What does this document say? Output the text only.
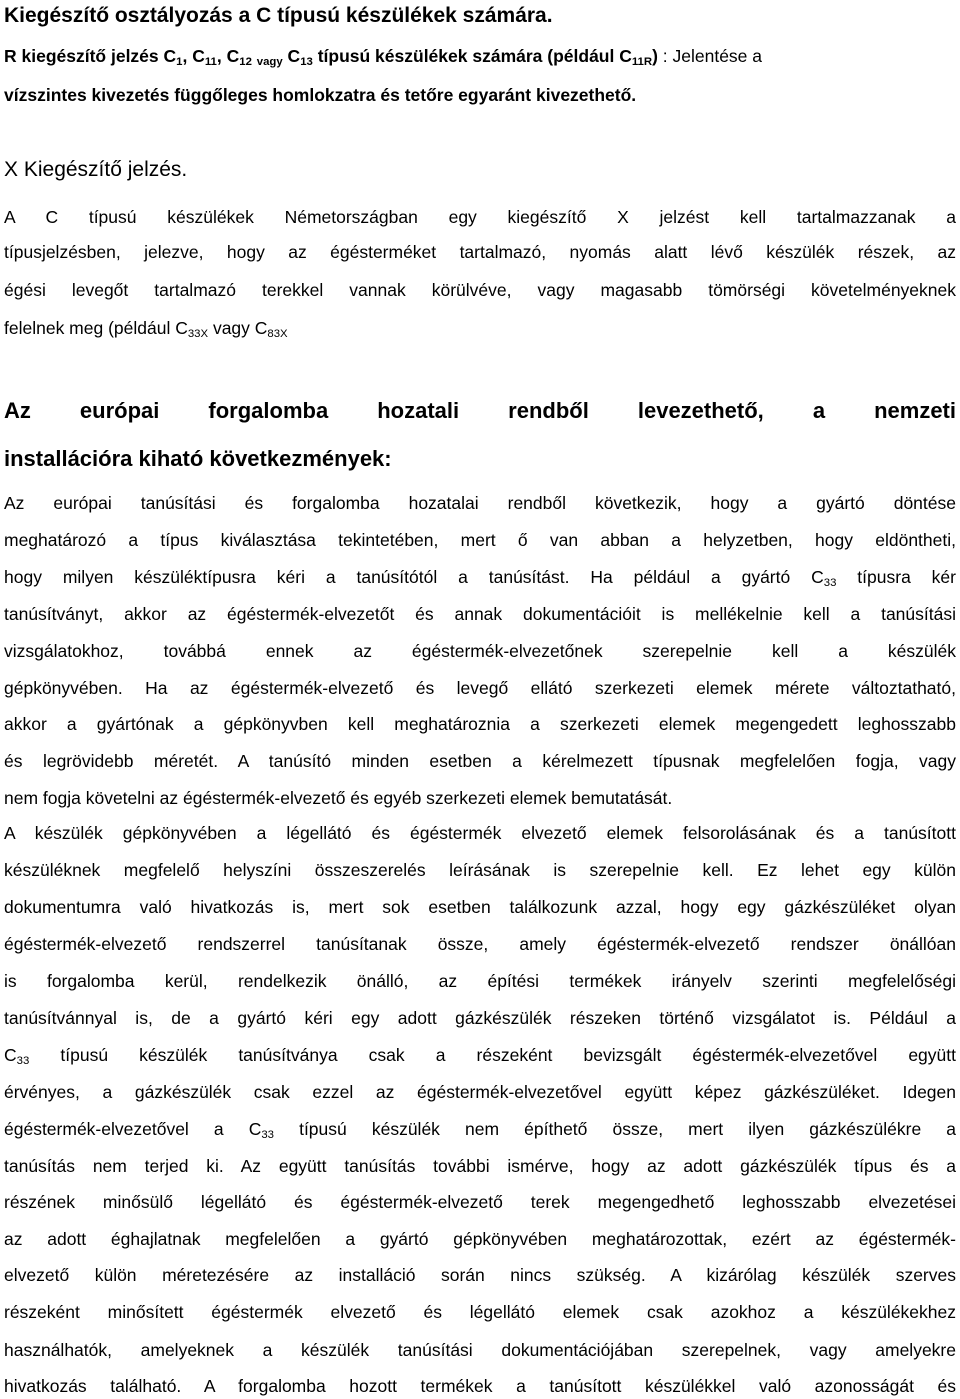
Kiegészítő osztályozás a C típusú készülékek számára.
R kiegészítő jelzés $C_1$, $C_{11}$, $C_{12}$ $_{vagy}$ $C_{13}$ típusú készülékek számára (például $C_{11R}$) : Jelentése a
vízszintes kivezetés függőleges homlokzatra és tetőre egyaránt kivezethető.
X Kiegészítő jelzés.
A C típusú készülékek Németországban egy kiegészítő X jelzést kell tartalmazzanak a
típusjelzésben, jelezve, hogy az égésterméket tartalmazó, nyomás alatt lévő készülék részek, az
égési levegőt tartalmazó terekkel vannak körülvéve, vagy magasabb tömörségi követelményeknek
felelnek meg (például $C_{33X}$ vagy $C_{83X}$
Az európai forgalomba hozatali rendből levezethető, a nemzeti
installációra kiható következmények:
Az európai tanúsítási és forgalomba hozatalai rendből következik, hogy a gyártó döntése
meghatározó a típus kiválasztása tekintetében, mert ő van abban a helyzetben, hogy eldöntheti,
hogy milyen készüléktípusra kéri a tanúsítótól a tanúsítást. Ha például a gyártó $C_{33}$ típusra kér
tanúsítványt, akkor az égéstermék-elvezetőt és annak dokumentációit is mellékelnie kell a tanúsítási
vizsgálatokhoz, továbbá ennek az égéstermék-elvezetőnek szerepelnie kell a készülék
gépkönyvében. Ha az égéstermék-elvezető és levegő ellátó szerkezeti elemek mérete változtatható,
akkor a gyártónak a gépkönyvben kell meghatároznia a szerkezeti elemek megengedett leghosszabb
és legrövidebb méretét. A tanúsító minden esetben a kérelmezett típusnak megfelelően fogja, vagy
nem fogja követelni az égéstermék-elvezető és egyéb szerkezeti elemek bemutatását.
A készülék gépkönyvében a légellátó és égéstermék elvezető elemek felsorolásának és a tanúsított
készüléknek megfelelő helyszíni összeszerelés leírásának is szerepelnie kell. Ez lehet egy külön
dokumentumra való hivatkozás is, mert sok esetben találkozunk azzal, hogy egy gázkészüléket olyan
égéstermék-elvezető rendszerrel tanúsítanak össze, amely égéstermék-elvezető rendszer önállóan
is forgalomba kerül, rendelkezik önálló, az építési termékek irányelv szerinti megfelelőségi
tanúsítvánnyal is, de a gyártó kéri egy adott gázkészülék részeken történő vizsgálatot is. Például a
$C_{33}$ típusú készülék tanúsítványa csak a részeként bevizsgált égéstermék-elvezetővel együtt
érvényes, a gázkészülék csak ezzel az égéstermék-elvezetővel együtt képez gázkészüléket. Idegen
égéstermék-elvezetővel a $C_{33}$ típusú készülék nem építhető össze, mert ilyen gázkészülékre a
tanúsítás nem terjed ki. Az együtt tanúsítás további ismérve, hogy az adott gázkészülék típus és a
részének minősülő légellátó és égéstermék-elvezető terek megengedhető leghosszabb elvezetései
az adott éghajlatnak megfelelően a gyártó gépkönyvében meghatározottak, ezért az égéstermék-
elvezető külön méretezésére az installáció során nincs szükség. A kizárólag készülék szerves
részeként minősített égéstermék elvezető és légellátó elemek csak azokhoz a készülékekhez
használhatók, amelyeknek a készülék tanúsítási dokumentációjában szerepelnek, vagy amelyekre
hivatkozás található. A forgalomba hozott termékek a tanúsított készülékkel való azonosságát és
